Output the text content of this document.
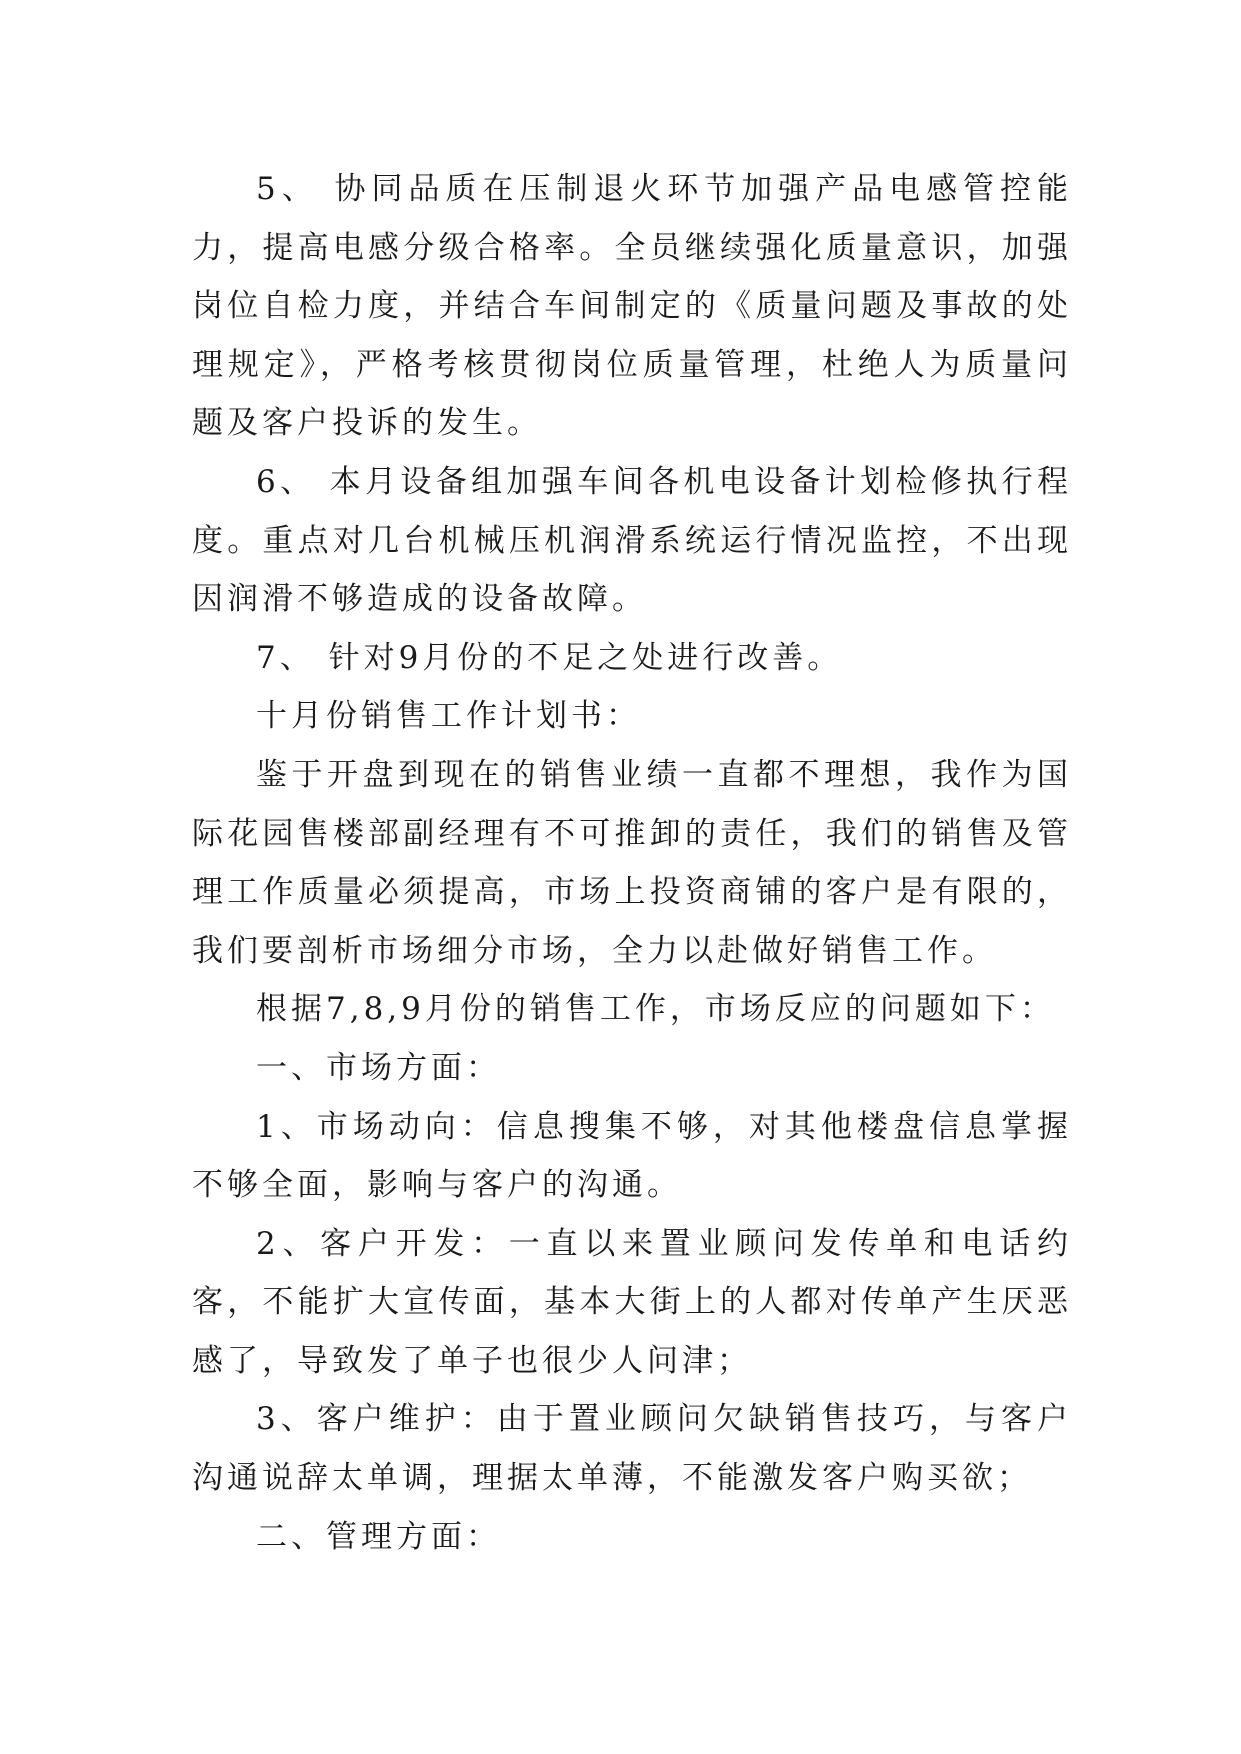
5、 协同品质在压制退火环节加强产品电感管控能力，提高电感分级合格率。全员继续强化质量意识，加强岗位自检力度，并结合车间制定的《质量问题及事故的处理规定》，严格考核贯彻岗位质量管理，杜绝人为质量问题及客户投诉的发生。

6、 本月设备组加强车间各机电设备计划检修执行程度。重点对几台机械压机润滑系统运行情况监控，不出现因润滑不够造成的设备故障。

7、 针对9月份的不足之处进行改善。

十月份销售工作计划书：

鉴于开盘到现在的销售业绩一直都不理想，我作为国际花园售楼部副经理有不可推卸的责任，我们的销售及管理工作质量必须提高，市场上投资商铺的客户是有限的，我们要剖析市场细分市场，全力以赴做好销售工作。

根据7,8,9月份的销售工作，市场反应的问题如下：

一、市场方面：

1、市场动向：信息搜集不够，对其他楼盘信息掌握不够全面，影响与客户的沟通。

2、客户开发：一直以来置业顾问发传单和电话约客，不能扩大宣传面，基本大街上的人都对传单产生厌恶感了，导致发了单子也很少人问津；

3、客户维护：由于置业顾问欠缺销售技巧，与客户沟通说辞太单调，理据太单薄，不能激发客户购买欲；

二、管理方面：
